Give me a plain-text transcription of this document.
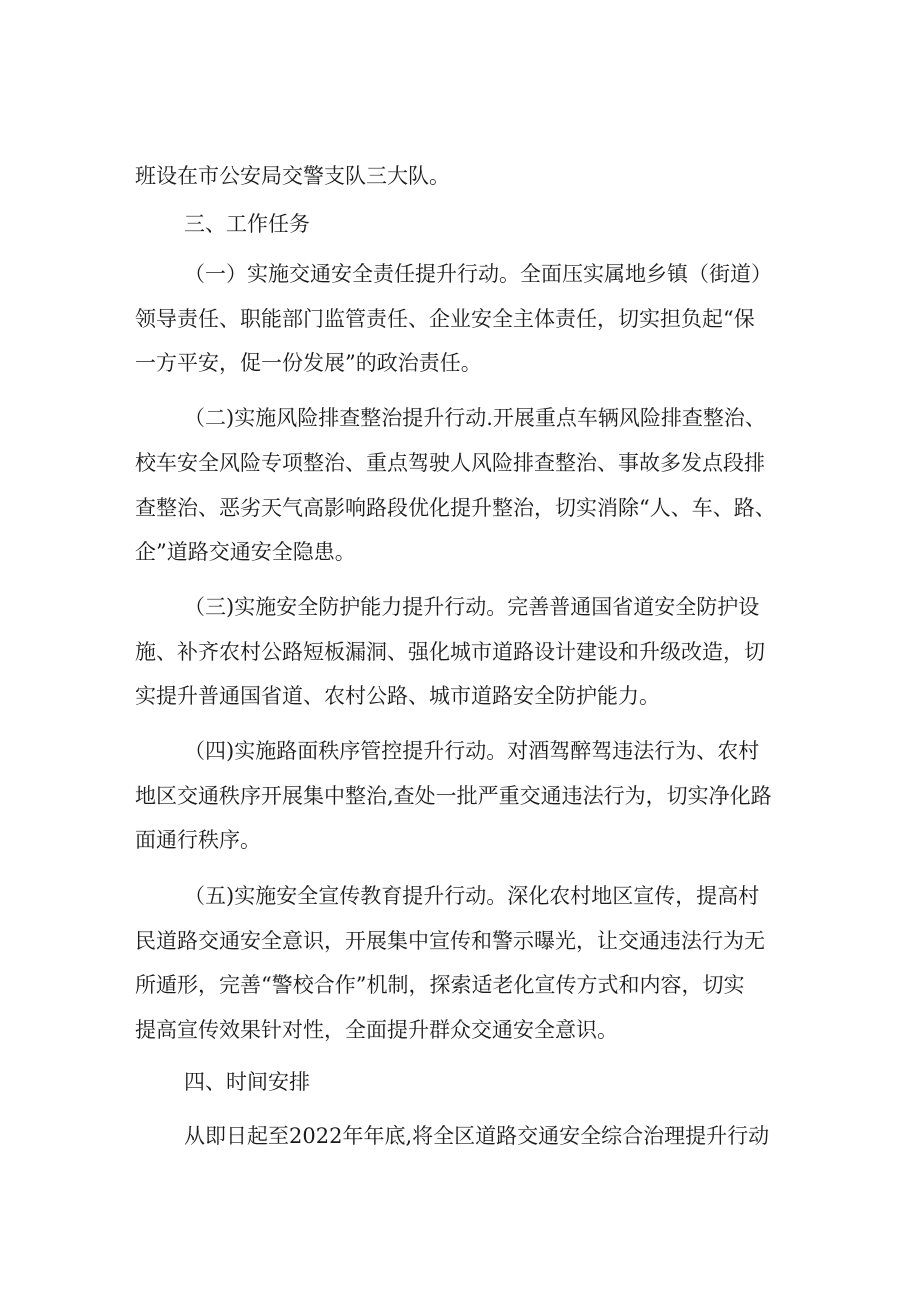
班设在市公安局交警支队三大队。
三、工作任务
（一）实施交通安全责任提升行动。全面压实属地乡镇（街道）
领导责任、职能部门监管责任、企业安全主体责任，切实担负起“保
一方平安，促一份发展”的政治责任。
（二)实施风险排查整治提升行动.开展重点车辆风险排查整治、
校车安全风险专项整治、重点驾驶人风险排查整治、事故多发点段排
查整治、恶劣天气高影响路段优化提升整治，切实消除“人、车、路、
企”道路交通安全隐患。
（三)实施安全防护能力提升行动。完善普通国省道安全防护设
施、补齐农村公路短板漏洞、强化城市道路设计建设和升级改造，切
实提升普通国省道、农村公路、城市道路安全防护能力。
（四)实施路面秩序管控提升行动。对酒驾醉驾违法行为、农村
地区交通秩序开展集中整治,查处一批严重交通违法行为，切实净化路
面通行秩序。
（五)实施安全宣传教育提升行动。深化农村地区宣传，提高村
民道路交通安全意识，开展集中宣传和警示曝光，让交通违法行为无
所遁形，完善“警校合作”机制，探索适老化宣传方式和内容，切实
提高宣传效果针对性，全面提升群众交通安全意识。
四、时间安排
从即日起至2022年年底,将全区道路交通安全综合治理提升行动
